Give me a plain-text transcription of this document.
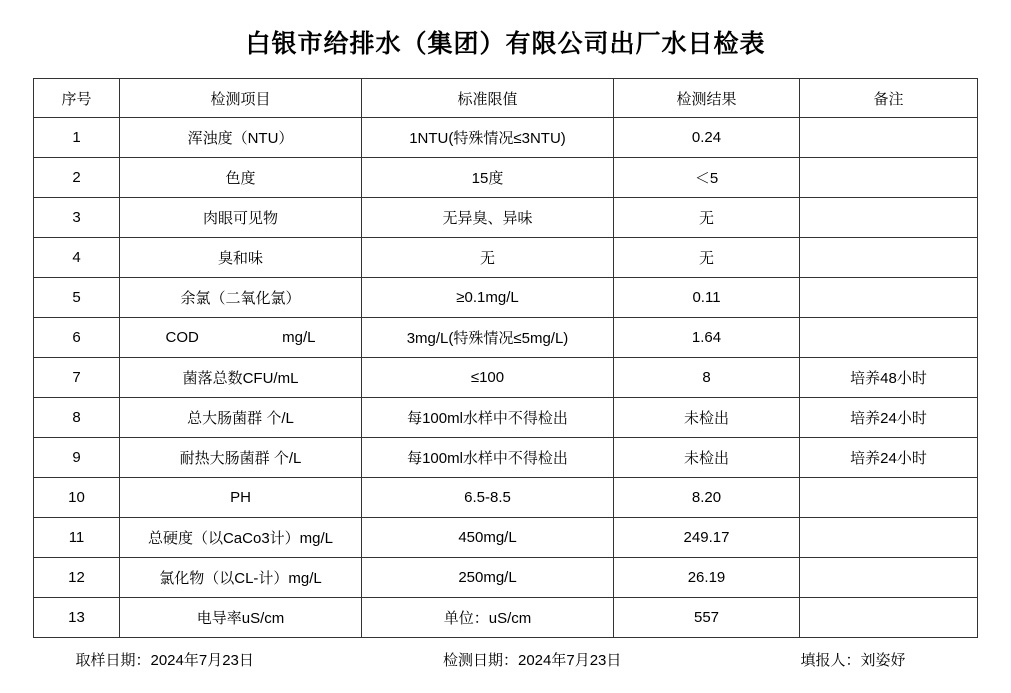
白银市给排水（集团）有限公司出厂水日检表
序号	检测项目	标准限值	检测结果	备注
1	浑浊度（NTU）	1NTU(特殊情况≤3NTU)	0.24	
2	色度	15度	＜5	
3	肉眼可见物	无异臭、异味	无	
4	臭和味	无	无	
5	余氯（二氧化氯）	≥0.1mg/L	0.11	
6	COD mg/L	3mg/L(特殊情况≤5mg/L)	1.64	
7	菌落总数CFU/mL	≤100	8	培养48小时
8	总大肠菌群 个/L	每100ml水样中不得检出	未检出	培养24小时
9	耐热大肠菌群 个/L	每100ml水样中不得检出	未检出	培养24小时
10	PH	6.5-8.5	8.20	
11	总硬度（以CaCo3计）mg/L	450mg/L	249.17	
12	氯化物（以CL-计）mg/L	250mg/L	26.19	
13	电导率uS/cm	单位：uS/cm	557	
取样日期：2024年7月23日	检测日期：2024年7月23日	填报人：刘姿妤
